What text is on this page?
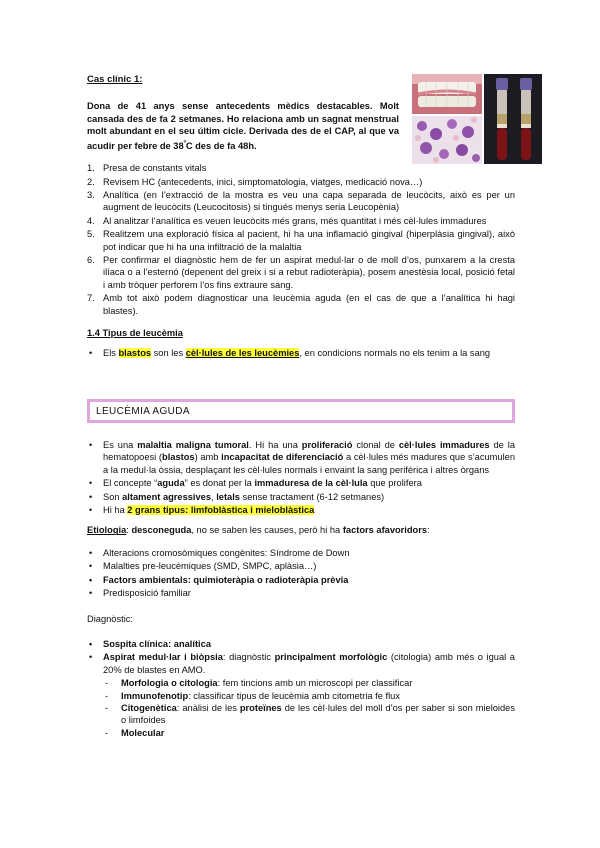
Cas clínic 1:
Dona de 41 anys sense antecedents mèdics destacables. Molt cansada des de fa 2 setmanes. Ho relaciona amb un sagnat menstrual molt abundant en el seu últim cicle. Derivada des de el CAP, al que va acudir per febre de $38^ºC$ des de fa 48h.
1. Presa de constants vitals
2. Revisem HC (antecedents, inici, simptomatologia, viatges, medicació nova…)
3. Analítica (en l’extracció de la mostra es veu una capa separada de leucòcits, això es per un augment de leucòcits (Leucocitosis) si tingués menys seria Leucopènia)
4. Al analitzar l’analítica es veuen leucòcits més grans, més quantitat i més cèl·lules immadures
5. Realitzem una exploració física al pacient, hi ha una inflamació gingival (hiperplàsia gingival), això pot indicar que hi ha una infiltració de la malaltia
6. Per confirmar el diagnòstic hem de fer un aspirat medul·lar o de moll d’os, punxarem a la cresta ilíaca o a l’esternó (depenent del greix i si a rebut radioteràpia), posem anestèsia local, posició fetal i amb tròquer perforem l’os fins extraure sang.
7. Amb tot això podem diagnosticar una leucèmia aguda (en el cas de que a l’analítica hi hagi blastes).
1.4 Tipus de leucèmia
• Els blastos son les cèl·lules de les leucèmies, en condicions normals no els tenim a la sang
LEUCÈMIA AGUDA
• Es una malaltia maligna tumoral. Hi ha una proliferació clonal de cèl·lules immadures de la hematopoesi (blastos) amb incapacitat de diferenciació a cèl·lules més madures que s’acumulen a la medul·la òssia, desplaçant les cèl·lules normals i envaint la sang perifèrica i altres òrgans
• El concepte “aguda” es donat per la immaduresa de la cèl·lula que prolifera
• Son altament agressives, letals sense tractament (6-12 setmanes)
• Hi ha 2 grans tipus: limfoblàstica i mieloblàstica
Etiologia: desconeguda, no se saben les causes, però hi ha factors afavoridors:
• Alteracions cromosòmiques congènites: Síndrome de Down
• Malalties pre-leucèmiques (SMD, SMPC, aplàsia…)
• Factors ambientals: quimioteràpia o radioteràpia prèvia
• Predisposició familiar
Diagnòstic:
• Sospita clínica: analítica
• Aspirat medul·lar i biòpsia: diagnòstic principalment morfològic (citologia) amb més o igual a 20% de blastes en AMO.
- Morfologia o citologia: fem tincions amb un microscopi per classificar
- Immunofenotip: classificar tipus de leucèmia amb citometria fe flux
- Citogenètica: anàlisi de les proteïnes de les cèl·lules del moll d’os per saber si son mieloides o limfoides
- Molecular
